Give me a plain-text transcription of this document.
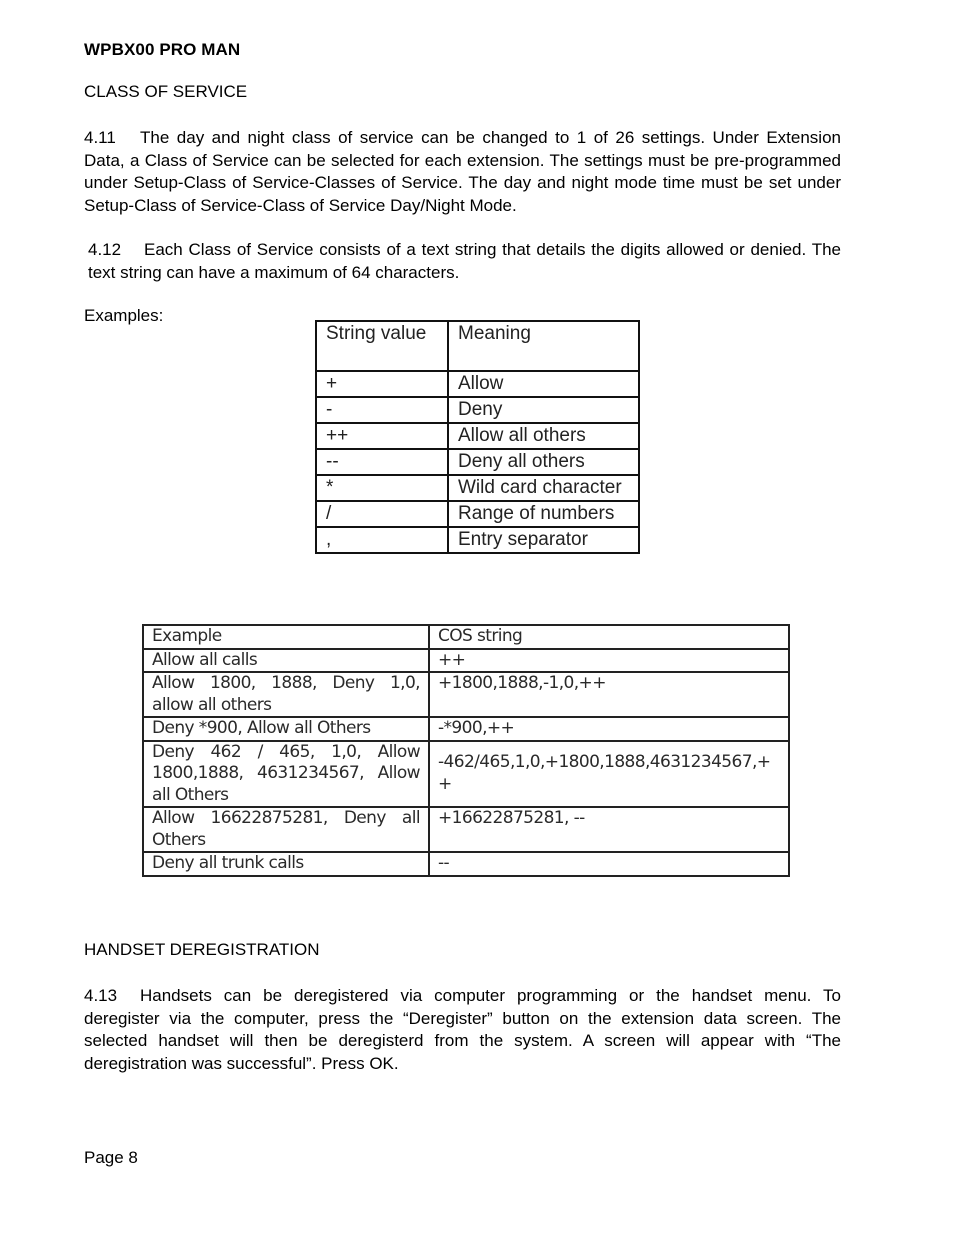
WPBX00 PRO MAN
CLASS OF SERVICE
4.11 The day and night class of service can be changed to 1 of 26 settings. Under Extension Data, a Class of Service can be selected for each extension. The settings must be pre-programmed under Setup-Class of Service-Classes of Service. The day and night mode time must be set under Setup-Class of Service-Class of Service Day/Night Mode.
4.12 Each Class of Service consists of a text string that details the digits allowed or denied. The text string can have a maximum of 64 characters.
Examples:
String value	Meaning
+	Allow
-	Deny
++	Allow all others
--	Deny all others
*	Wild card character
/	Range of numbers
,	Entry separator
Example	COS string
Allow all calls	++
Allow 1800, 1888, Deny 1,0, allow all others	+1800,1888,-1,0,++
Deny *900, Allow all Others	-*900,++
Deny 462 / 465, 1,0, Allow 1800,1888, 4631234567, Allow all Others	-462/465,1,0,+1800,1888,4631234567,++
Allow 16622875281, Deny all Others	+16622875281, --
Deny all trunk calls	--
HANDSET DEREGISTRATION
4.13 Handsets can be deregistered via computer programming or the handset menu. To deregister via the computer, press the “Deregister” button on the extension data screen. The selected handset will then be deregisterd from the system. A screen will appear with “The deregistration was successful”. Press OK.
Page 8
